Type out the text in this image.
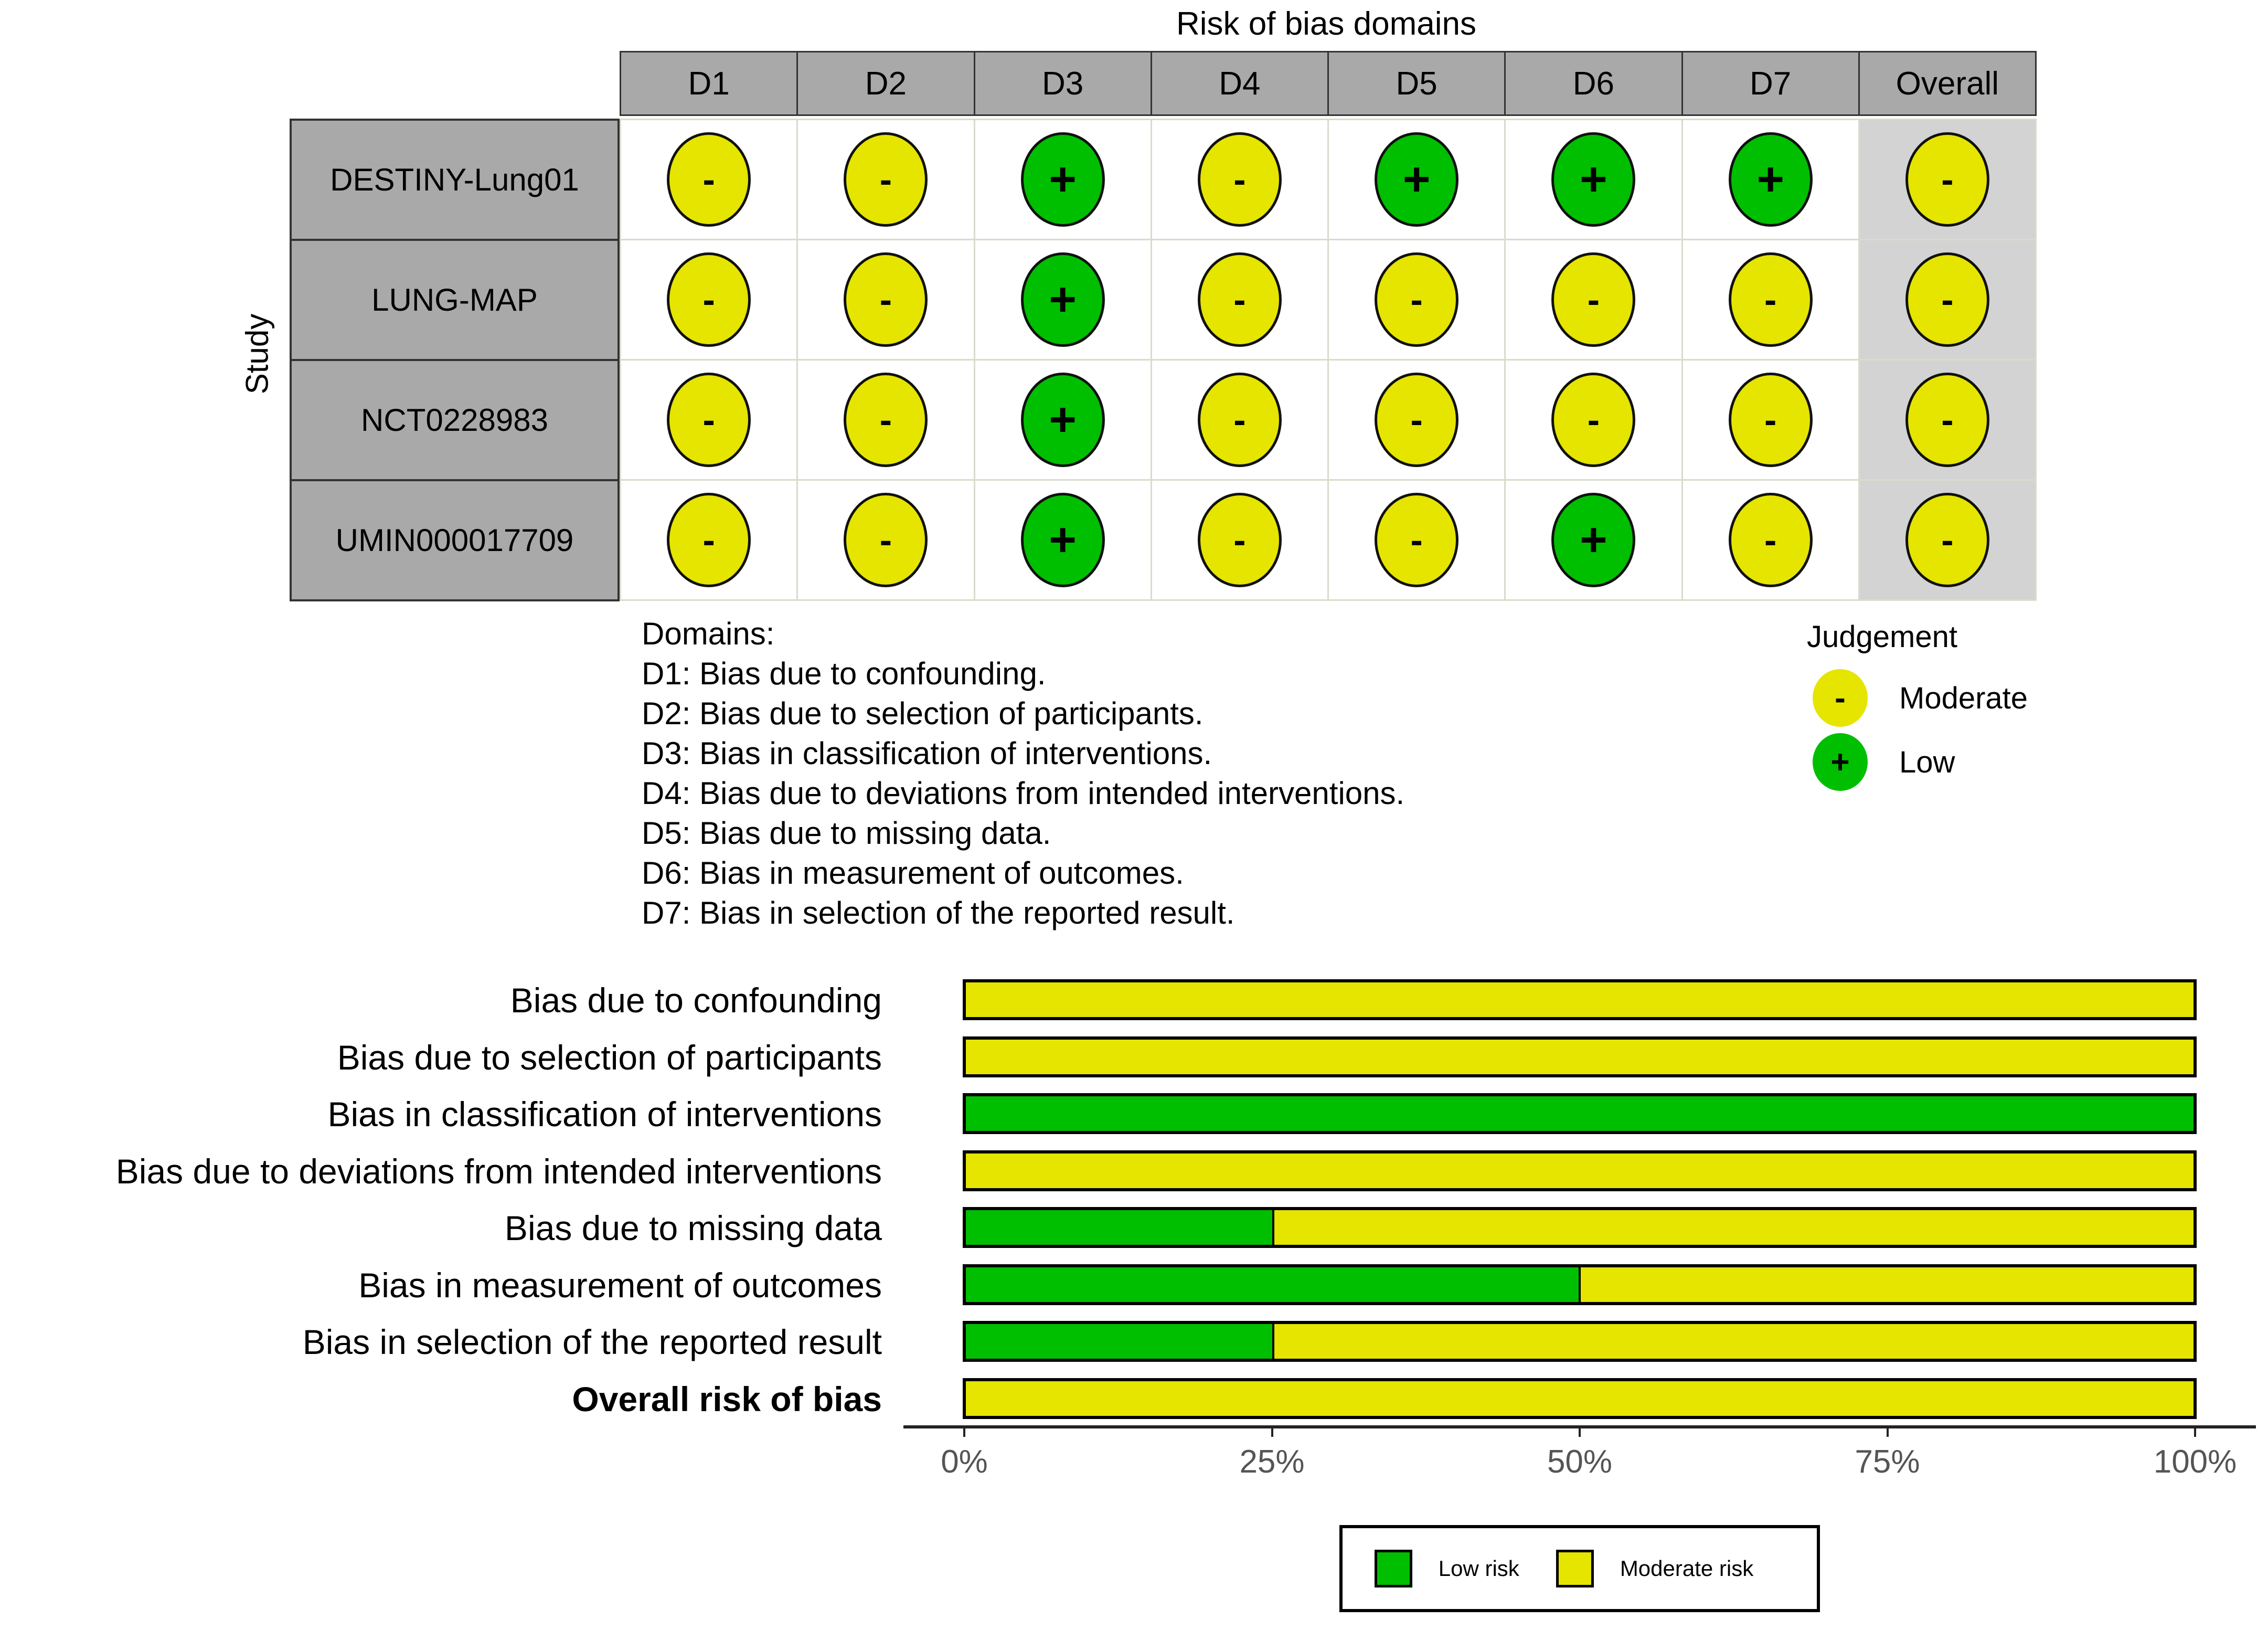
Risk of bias domains
D1	D2	D3	D4	D5	D6	D7	Overall
Study
DESTINY-Lung01	-	-	+	-	+	+	+	-
LUNG-MAP	-	-	+	-	-	-	-	-
NCT0228983	-	-	+	-	-	-	-	-
UMIN000017709	-	-	+	-	-	+	-	-
Domains:
D1: Bias due to confounding.
D2: Bias due to selection of participants.
D3: Bias in classification of interventions.
D4: Bias due to deviations from intended interventions.
D5: Bias due to missing data.
D6: Bias in measurement of outcomes.
D7: Bias in selection of the reported result.
Judgement
-	Moderate
+	Low
Bias due to confounding
Bias due to selection of participants
Bias in classification of interventions
Bias due to deviations from intended interventions
Bias due to missing data
Bias in measurement of outcomes
Bias in selection of the reported result
Overall risk of bias
0%	25%	50%	75%	100%
Low risk	Moderate risk
